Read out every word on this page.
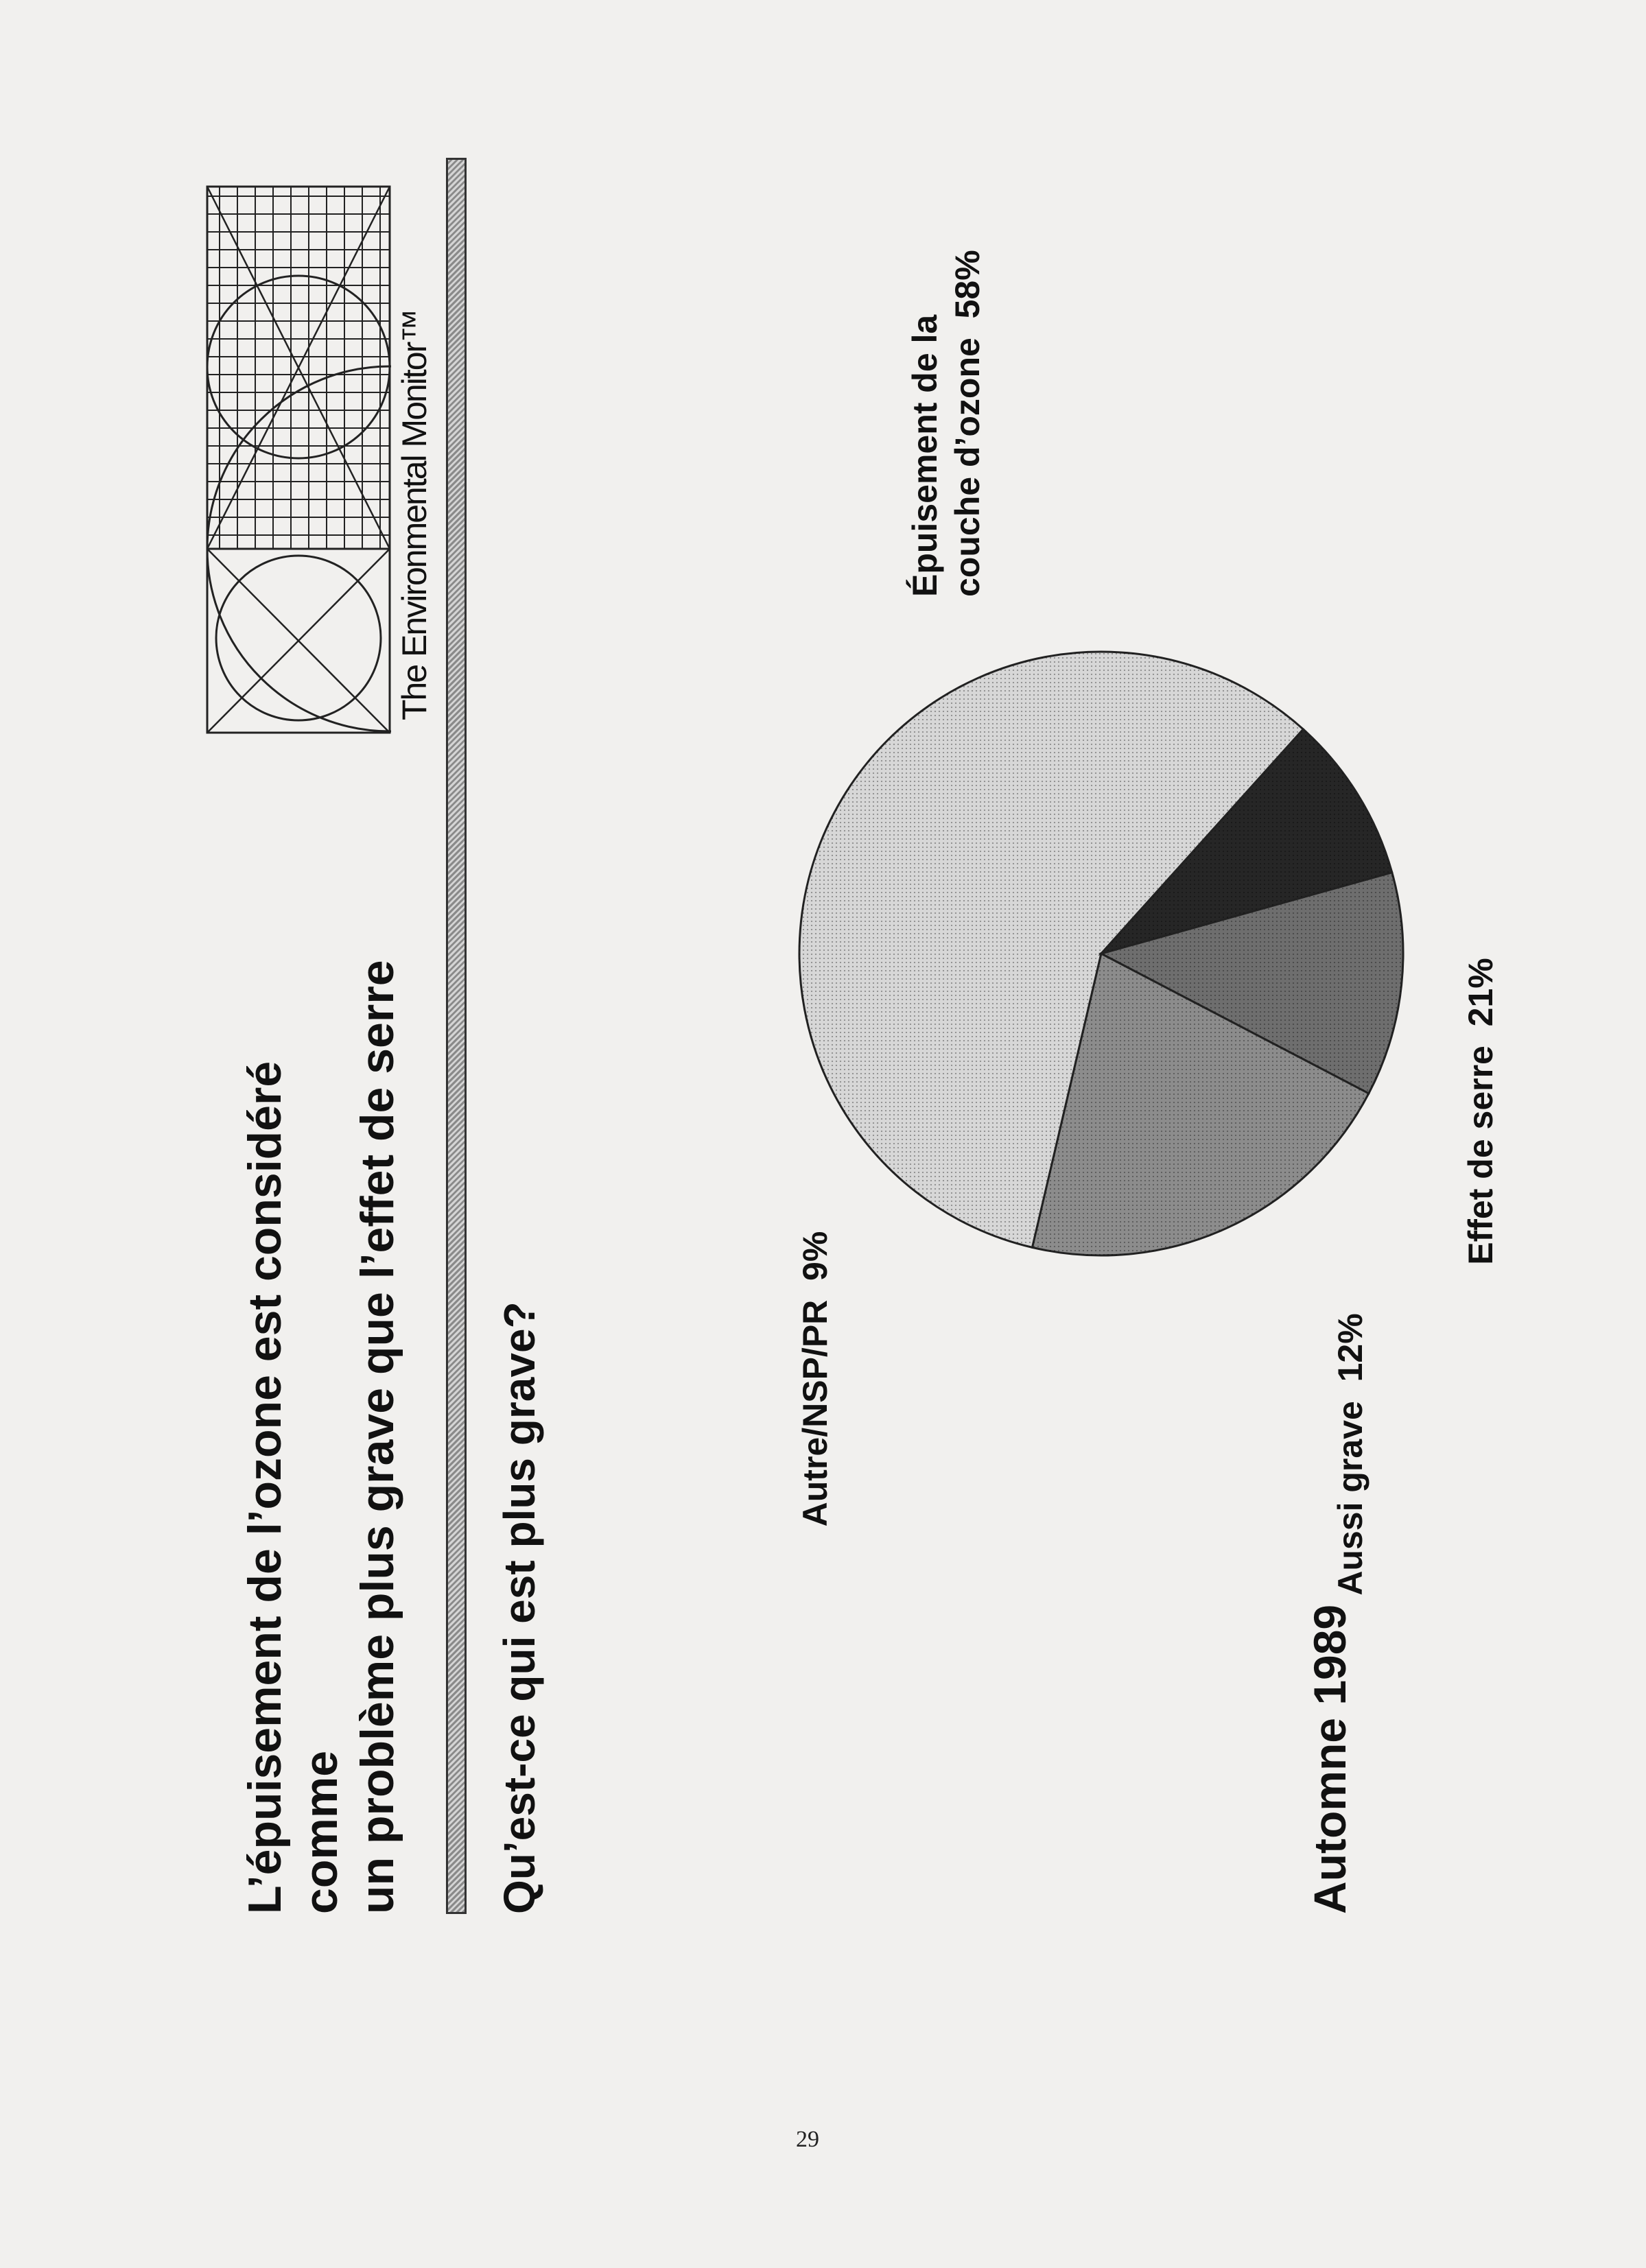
L’épuisement de l’ozone est considéré comme un problème plus grave que l’effet de serre
The Environmental Monitor™
Qu’est-ce qui est plus grave?
Épuisement de la couche d’ozone  58%
Effet de serre  21%
Aussi grave  12%
Autre/NSP/PR  9%
Automne 1989
29
